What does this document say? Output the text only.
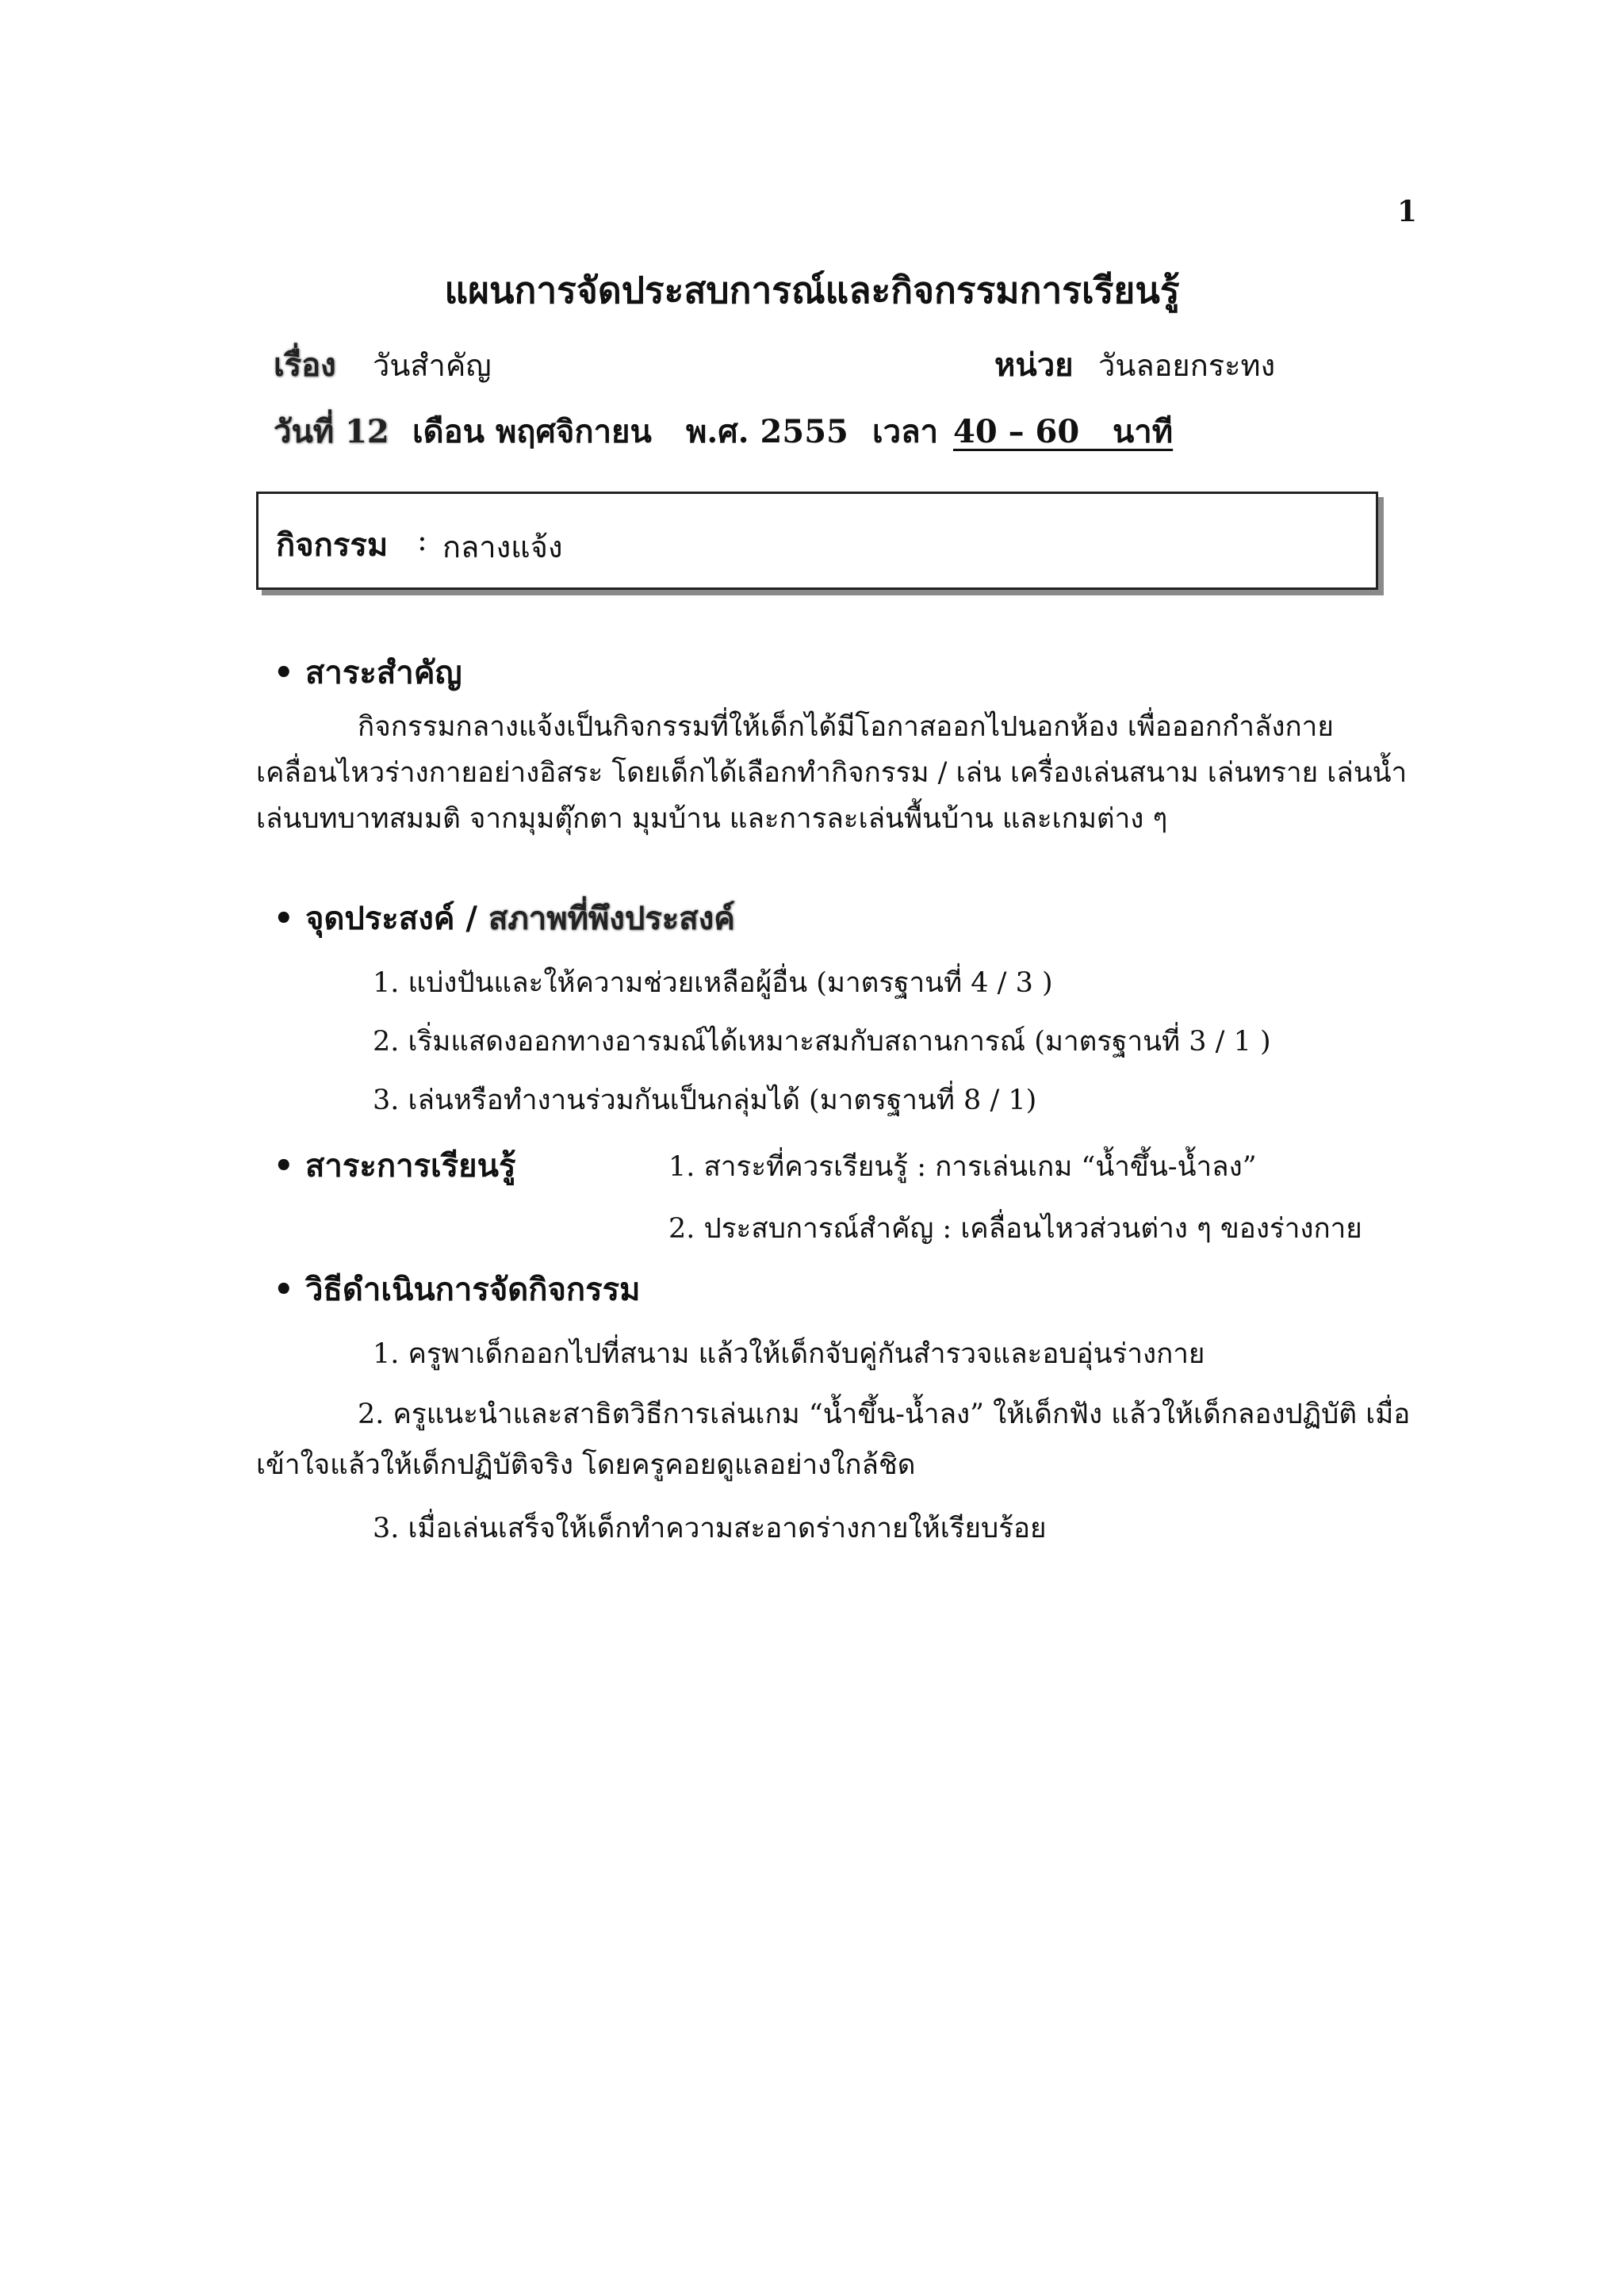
1
แผนการจัดประสบการณ์และกิจกรรมการเรียนรู้
เรื่อง วันสำคัญ	หน่วย วันลอยกระทง
วันที่ 12 เดือน พฤศจิกายน พ.ศ. 2555 เวลา 40 – 60   นาที
กิจกรรม : กลางแจ้ง
• สาระสำคัญ
กิจกรรมกลางแจ้งเป็นกิจกรรมที่ให้เด็กได้มีโอกาสออกไปนอกห้อง เพื่อออกกำลังกาย เคลื่อนไหวร่างกายอย่างอิสระ โดยเด็กได้เลือกทำกิจกรรม / เล่น เครื่องเล่นสนาม เล่นทราย เล่นน้ำ เล่นบทบาทสมมติ จากมุมตุ๊กตา มุมบ้าน และการละเล่นพื้นบ้าน และเกมต่าง ๆ
• จุดประสงค์ / สภาพที่พึงประสงค์
1. แบ่งปันและให้ความช่วยเหลือผู้อื่น (มาตรฐานที่ 4 / 3 )
2. เริ่มแสดงออกทางอารมณ์ได้เหมาะสมกับสถานการณ์ (มาตรฐานที่ 3 / 1 )
3. เล่นหรือทำงานร่วมกันเป็นกลุ่มได้ (มาตรฐานที่ 8 / 1)
• สาระการเรียนรู้	1. สาระที่ควรเรียนรู้ : การเล่นเกม “น้ำขึ้น-น้ำลง”
2. ประสบการณ์สำคัญ : เคลื่อนไหวส่วนต่าง ๆ ของร่างกาย
• วิธีดำเนินการจัดกิจกรรม
1. ครูพาเด็กออกไปที่สนาม แล้วให้เด็กจับคู่กันสำรวจและอบอุ่นร่างกาย
2. ครูแนะนำและสาธิตวิธีการเล่นเกม “น้ำขึ้น-น้ำลง” ให้เด็กฟัง แล้วให้เด็กลองปฏิบัติ เมื่อเข้าใจแล้วให้เด็กปฏิบัติจริง โดยครูคอยดูแลอย่างใกล้ชิด
3. เมื่อเล่นเสร็จให้เด็กทำความสะอาดร่างกายให้เรียบร้อย
